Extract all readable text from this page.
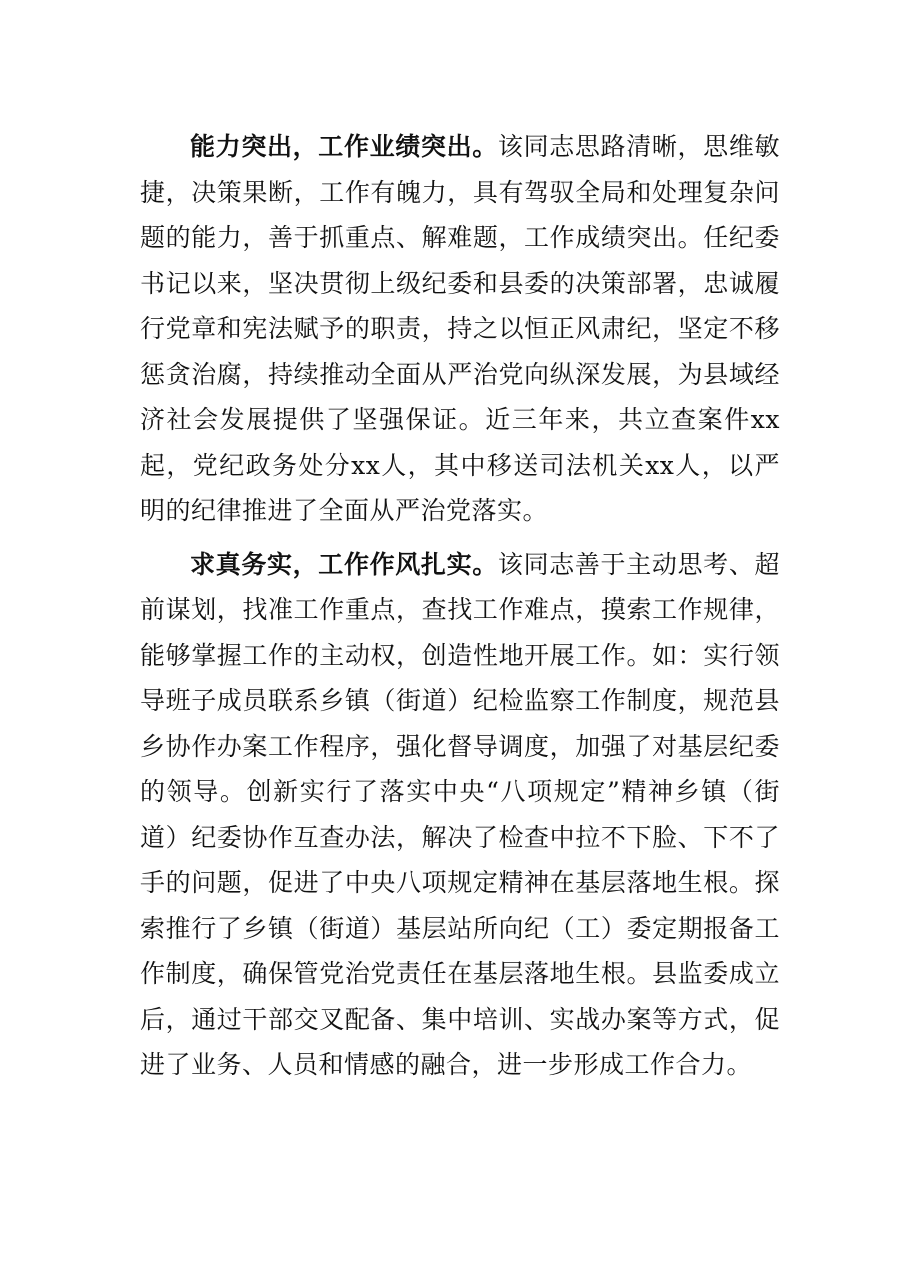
能力突出，工作业绩突出。该同志思路清晰，思维敏捷，决策果断，工作有魄力，具有驾驭全局和处理复杂问题的能力，善于抓重点、解难题，工作成绩突出。任纪委书记以来，坚决贯彻上级纪委和县委的决策部署，忠诚履行党章和宪法赋予的职责，持之以恒正风肃纪，坚定不移惩贪治腐，持续推动全面从严治党向纵深发展，为县域经济社会发展提供了坚强保证。近三年来，共立查案件xx起，党纪政务处分xx人，其中移送司法机关xx人，以严明的纪律推进了全面从严治党落实。

求真务实，工作作风扎实。该同志善于主动思考、超前谋划，找准工作重点，查找工作难点，摸索工作规律，能够掌握工作的主动权，创造性地开展工作。如：实行领导班子成员联系乡镇（街道）纪检监察工作制度，规范县乡协作办案工作程序，强化督导调度，加强了对基层纪委的领导。创新实行了落实中央“八项规定”精神乡镇（街道）纪委协作互查办法，解决了检查中拉不下脸、下不了手的问题，促进了中央八项规定精神在基层落地生根。探索推行了乡镇（街道）基层站所向纪（工）委定期报备工作制度，确保管党治党责任在基层落地生根。县监委成立后，通过干部交叉配备、集中培训、实战办案等方式，促进了业务、人员和情感的融合，进一步形成工作合力。
